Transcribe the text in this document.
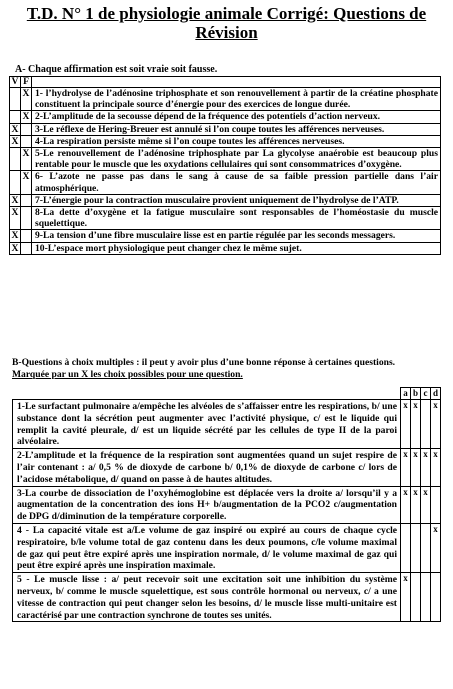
T.D. N° 1 de physiologie animale Corrigé: Questions de
Révision
A- Chaque affirmation est soit vraie soit fausse.
V	F	
	X	1- l’hydrolyse de l’adénosine triphosphate et son renouvellement à partir de la créatine phosphate constituent la principale source d’énergie pour des exercices de longue durée.
	X	2-L’amplitude de la secousse dépend de la fréquence des potentiels d’action nerveux.
X		3-Le réflexe de Hering-Breuer est annulé si l’on coupe toutes les afférences nerveuses.
X		4-La respiration persiste même si l’on coupe toutes les afférences nerveuses.
	X	5-Le renouvellement de l’adénosine triphosphate par La glycolyse anaérobie est beaucoup plus rentable pour le muscle que les oxydations cellulaires qui sont consommatrices d’oxygène.
	X	6- L’azote ne passe pas dans le sang à cause de sa faible pression partielle dans l’air atmosphérique.
X		7-L’énergie pour la contraction musculaire provient uniquement de l’hydrolyse de l’ATP.
X		8-La dette d’oxygène et la fatigue musculaire sont responsables de l’homéostasie du muscle squelettique.
X		9-La tension d’une fibre musculaire lisse est en partie régulée par les seconds messagers.
X		10-L’espace mort physiologique peut changer chez le même sujet.
B-Questions à choix multiples : il peut y avoir plus d’une bonne réponse à certaines questions.
Marquée par un X les choix possibles pour une question.
	a	b	c	d
1-Le surfactant pulmonaire a/empêche les alvéoles de s’affaisser entre les respirations, b/ une substance dont la sécrétion peut augmenter avec l’activité physique, c/ est le liquide qui remplit la cavité pleurale, d/ est un liquide sécrété par les cellules de type II de la paroi alvéolaire.	x	x		x
2-L’amplitude et la fréquence de la respiration sont augmentées quand un sujet respire de l’air contenant : a/ 0,5 % de dioxyde de carbone b/ 0,1% de dioxyde de carbone c/ lors de l’acidose métabolique, d/ quand on passe à de hautes altitudes.	x	x	x	x
3-La courbe de dissociation de l’oxyhémoglobine est déplacée vers la droite a/ lorsqu’il y a augmentation de la concentration des ions H+ b/augmentation de la PCO2 c/augmentation de DPG d/diminution de la température corporelle.	x	x	x	
4 - La capacité vitale est a/Le volume de gaz inspiré ou expiré au cours de chaque cycle respiratoire, b/le volume total de gaz contenu dans les deux poumons, c/le volume maximal de gaz qui peut être expiré après une inspiration normale, d/ le volume maximal de gaz qui peut être expiré après une inspiration maximale.				x
5 - Le muscle lisse : a/ peut recevoir soit une excitation soit une inhibition du système nerveux, b/ comme le muscle squelettique, est sous contrôle hormonal ou nerveux, c/ a une vitesse de contraction qui peut changer selon les besoins, d/ le muscle lisse multi-unitaire est caractérisé par une contraction synchrone de toutes ses unités.	x			
